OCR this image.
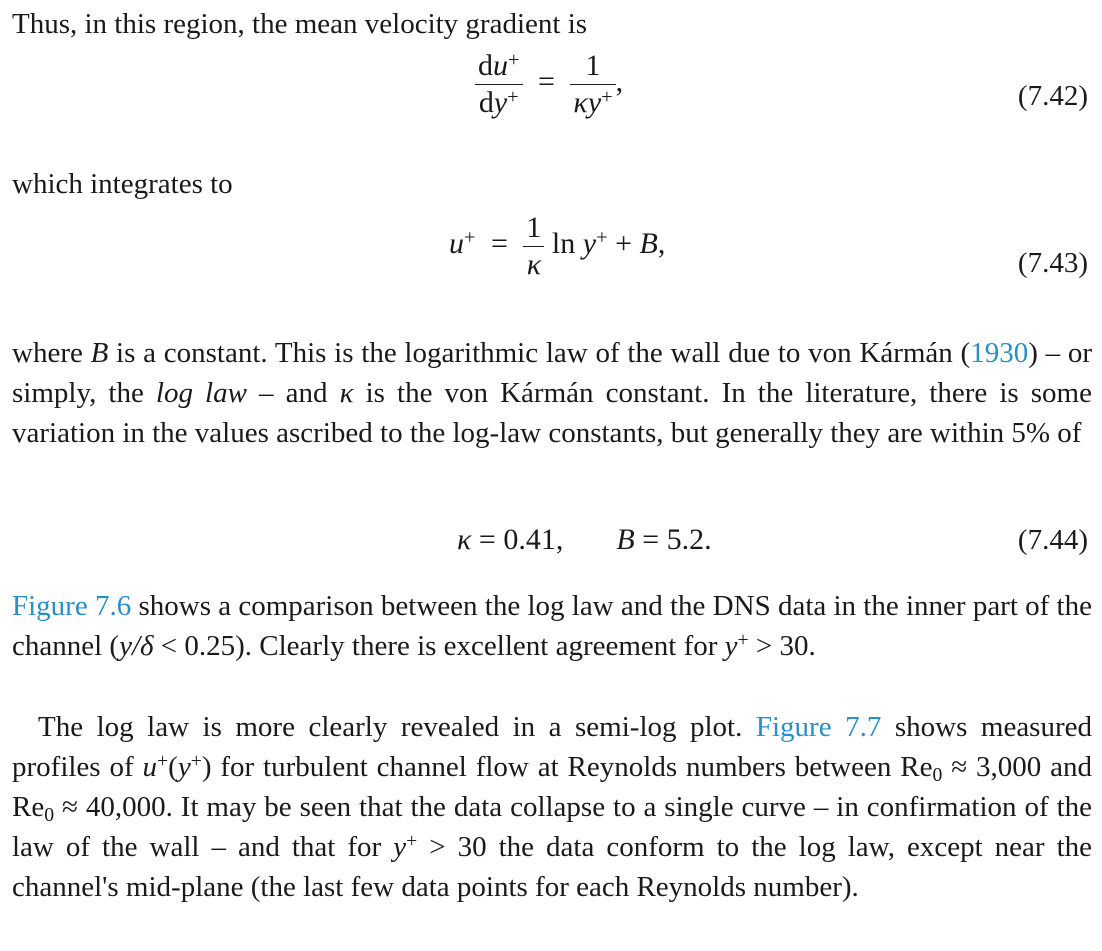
Thus, in this region, the mean velocity gradient is

$\frac{du^+}{dy^+} = \frac{1}{\kappa y^+}$ ,	(7.42)

which integrates to

$u^+ = \frac{1}{\kappa}$ ln y+ + B,
(7.43)

where B is a constant. This is the logarithmic law of the wall due to von Kármán (1930) – or simply, the log law – and κ is the von Kármán constant. In the literature, there is some variation in the values ascribed to the log-law constants, but generally they are within 5% of

κ = 0.41, B = 5.2.	(7.44)

Figure 7.6 shows a comparison between the log law and the DNS data in the inner part of the channel (y/δ < 0.25). Clearly there is excellent agreement for y+ > 30.

The log law is more clearly revealed in a semi-log plot. Figure 7.7 shows measured profiles of u+(y+) for turbulent channel flow at Reynolds numbers between $Re_0 \approx 3,000$ and $Re_0 \approx 40,000$. It may be seen that the data collapse to a single curve – in confirmation of the law of the wall – and that for y+ > 30 the data conform to the log law, except near the channel's mid-plane (the last few data points for each Reynolds number).
